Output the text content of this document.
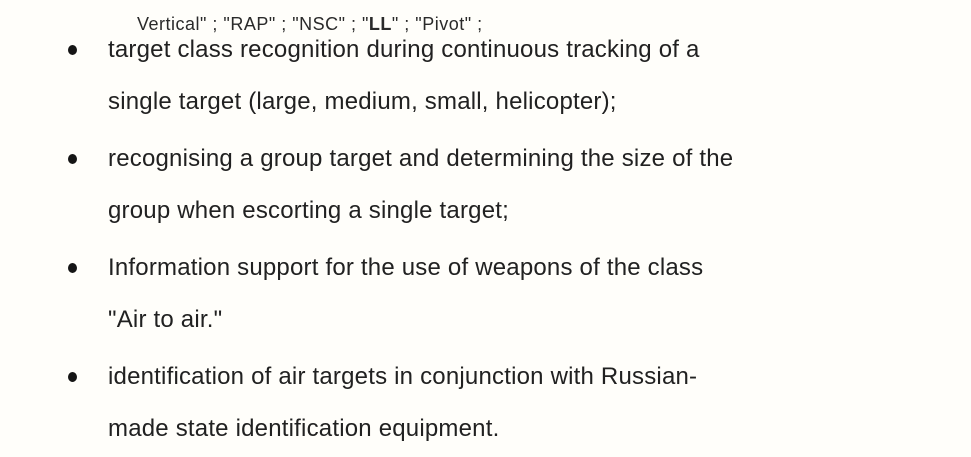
Vertical" ; "RAP" ; "NSC" ; "LL" ; "Pivot" ;

target class recognition during continuous tracking of a
single target (large, medium, small, helicopter);
recognising a group target and determining the size of the
group when escorting a single target;
Information support for the use of weapons of the class
"Air to air."
identification of air targets in conjunction with Russian-
made state identification equipment.
